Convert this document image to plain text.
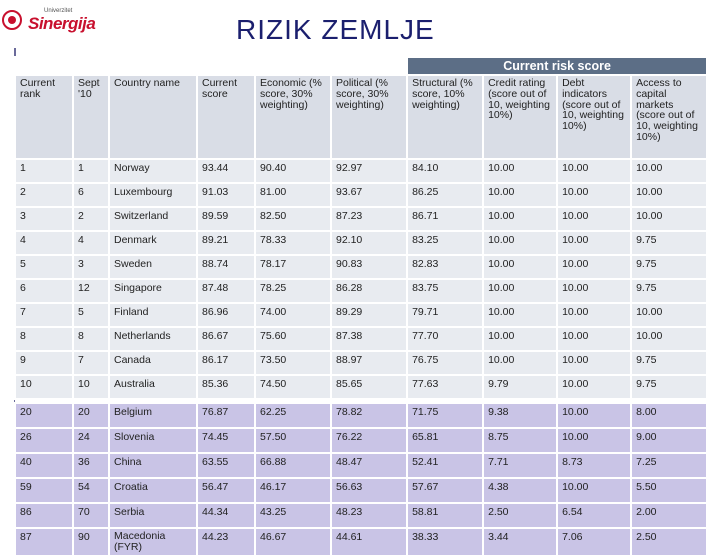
Univerzitet
Sinergija	RIZIK ZEMLJE
						Current risk score			
Current rank	Sept '10	Country name	Current score	Economic (% score, 30% weighting)	Political (% score, 30% weighting)	Structural (% score, 10% weighting)	Credit rating (score out of 10, weighting 10%)	Debt indicators (score out of 10, weighting 10%)	Access to capital markets (score out of 10, weighting 10%)
1	1	Norway	93.44	90.40	92.97	84.10	10.00	10.00	10.00
2	6	Luxembourg	91.03	81.00	93.67	86.25	10.00	10.00	10.00
3	2	Switzerland	89.59	82.50	87.23	86.71	10.00	10.00	10.00
4	4	Denmark	89.21	78.33	92.10	83.25	10.00	10.00	9.75
5	3	Sweden	88.74	78.17	90.83	82.83	10.00	10.00	9.75
6	12	Singapore	87.48	78.25	86.28	83.75	10.00	10.00	9.75
7	5	Finland	86.96	74.00	89.29	79.71	10.00	10.00	10.00
8	8	Netherlands	86.67	75.60	87.38	77.70	10.00	10.00	10.00
9	7	Canada	86.17	73.50	88.97	76.75	10.00	10.00	9.75
10	10	Australia	85.36	74.50	85.65	77.63	9.79	10.00	9.75

20	20	Belgium	76.87	62.25	78.82	71.75	9.38	10.00	8.00
26	24	Slovenia	74.45	57.50	76.22	65.81	8.75	10.00	9.00
40	36	China	63.55	66.88	48.47	52.41	7.71	8.73	7.25
59	54	Croatia	56.47	46.17	56.63	57.67	4.38	10.00	5.50
86	70	Serbia	44.34	43.25	48.23	58.81	2.50	6.54	2.00
87	90	Macedonia (FYR)	44.23	46.67	44.61	38.33	3.44	7.06	2.50
